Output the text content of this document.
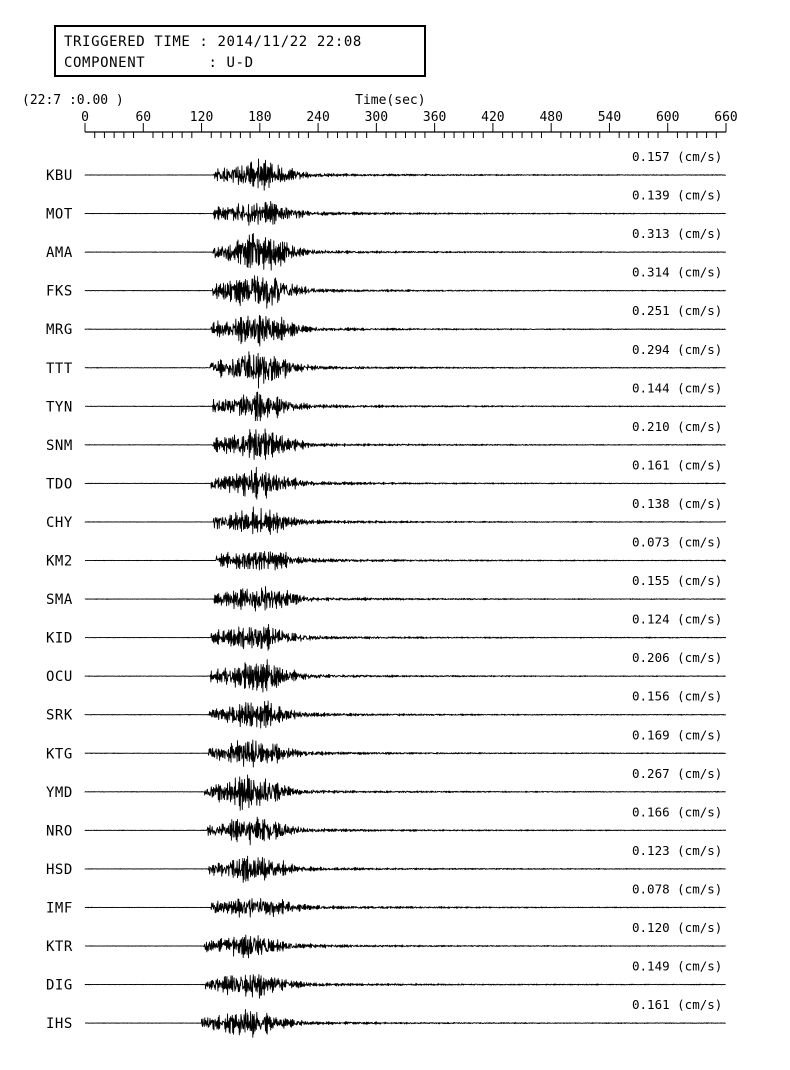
TRIGGERED TIME : 2014/11/22 22:08
COMPONENT       : U-D
0	60	120	180	240	300	360	420	480	540	600	660
Time(sec)
(22:7 :0.00 )
KBU
0.157 (cm/s)
MOT
0.139 (cm/s)
AMA
0.313 (cm/s)
FKS
0.314 (cm/s)
MRG
0.251 (cm/s)
TTT
0.294 (cm/s)
TYN
0.144 (cm/s)
SNM
0.210 (cm/s)
TDO
0.161 (cm/s)
CHY
0.138 (cm/s)
KM2
0.073 (cm/s)
SMA
0.155 (cm/s)
KID
0.124 (cm/s)
OCU
0.206 (cm/s)
SRK
0.156 (cm/s)
KTG
0.169 (cm/s)
YMD
0.267 (cm/s)
NRO
0.166 (cm/s)
HSD
0.123 (cm/s)
IMF
0.078 (cm/s)
KTR
0.120 (cm/s)
DIG
0.149 (cm/s)
IHS
0.161 (cm/s)
